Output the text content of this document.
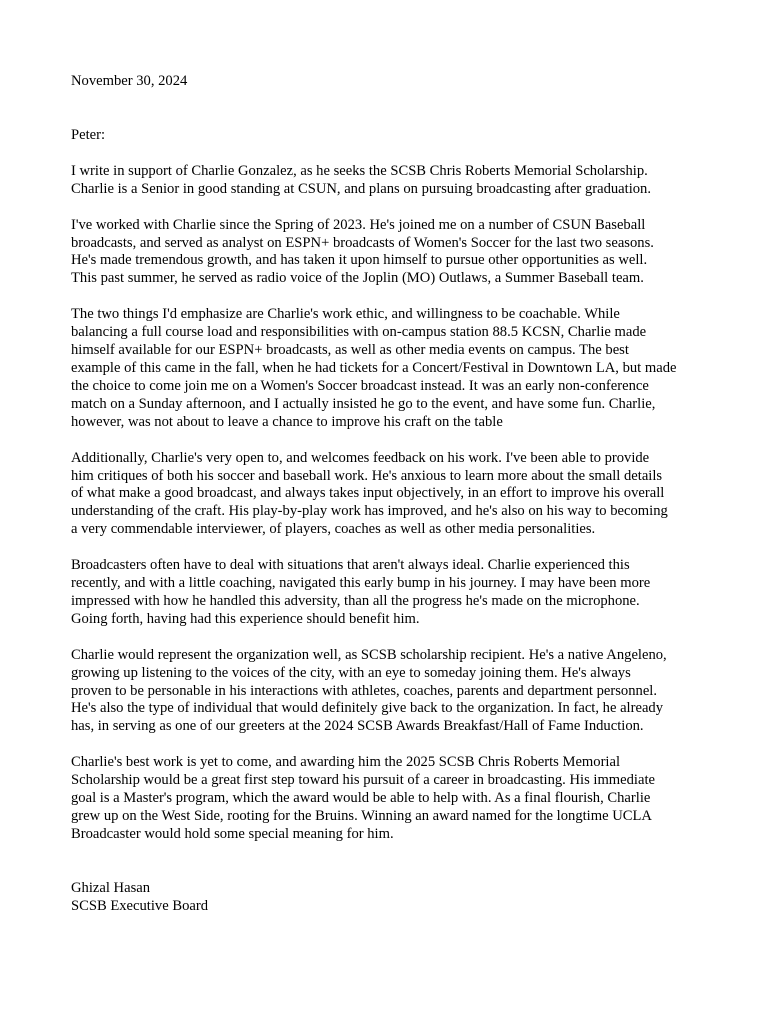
November 30, 2024
Peter:
I write in support of Charlie Gonzalez, as he seeks the SCSB Chris Roberts Memorial Scholarship.
Charlie is a Senior in good standing at CSUN, and plans on pursuing broadcasting after graduation.
I've worked with Charlie since the Spring of 2023. He's joined me on a number of CSUN Baseball
broadcasts, and served as analyst on ESPN+ broadcasts of Women's Soccer for the last two seasons.
He's made tremendous growth, and has taken it upon himself to pursue other opportunities as well.
This past summer, he served as radio voice of the Joplin (MO) Outlaws, a Summer Baseball team.
The two things I'd emphasize are Charlie's work ethic, and willingness to be coachable. While
balancing a full course load and responsibilities with on-campus station 88.5 KCSN, Charlie made
himself available for our ESPN+ broadcasts, as well as other media events on campus. The best
example of this came in the fall, when he had tickets for a Concert/Festival in Downtown LA, but made
the choice to come join me on a Women's Soccer broadcast instead. It was an early non-conference
match on a Sunday afternoon, and I actually insisted he go to the event, and have some fun. Charlie,
however, was not about to leave a chance to improve his craft on the table
Additionally, Charlie's very open to, and welcomes feedback on his work. I've been able to provide
him critiques of both his soccer and baseball work. He's anxious to learn more about the small details
of what make a good broadcast, and always takes input objectively, in an effort to improve his overall
understanding of the craft. His play-by-play work has improved, and he's also on his way to becoming
a very commendable interviewer, of players, coaches as well as other media personalities.
Broadcasters often have to deal with situations that aren't always ideal. Charlie experienced this
recently, and with a little coaching, navigated this early bump in his journey. I may have been more
impressed with how he handled this adversity, than all the progress he's made on the microphone.
Going forth, having had this experience should benefit him.
Charlie would represent the organization well, as SCSB scholarship recipient. He's a native Angeleno,
growing up listening to the voices of the city, with an eye to someday joining them. He's always
proven to be personable in his interactions with athletes, coaches, parents and department personnel.
He's also the type of individual that would definitely give back to the organization. In fact, he already
has, in serving as one of our greeters at the 2024 SCSB Awards Breakfast/Hall of Fame Induction.
Charlie's best work is yet to come, and awarding him the 2025 SCSB Chris Roberts Memorial
Scholarship would be a great first step toward his pursuit of a career in broadcasting. His immediate
goal is a Master's program, which the award would be able to help with. As a final flourish, Charlie
grew up on the West Side, rooting for the Bruins. Winning an award named for the longtime UCLA
Broadcaster would hold some special meaning for him.
Ghizal Hasan
SCSB Executive Board
